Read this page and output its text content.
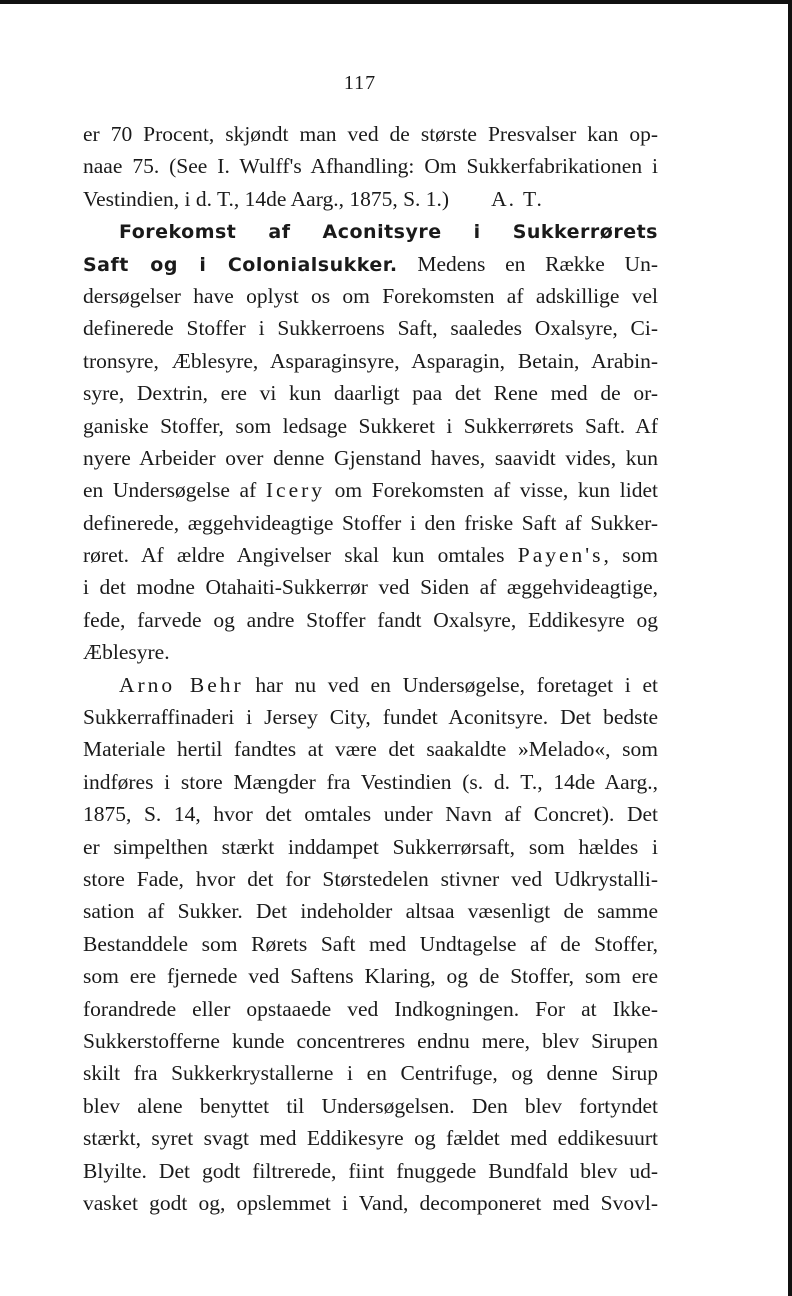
117
er 70 Procent, skjøndt man ved de største Presvalser kan op-
naae 75. (See I. Wulff's Afhandling: Om Sukkerfabrikationen i
Vestindien, i d. T., 14de Aarg., 1875, S. 1.) A. T.
Forekomst af Aconitsyre i Sukkerrørets
Saft og i Colonialsukker. Medens en Række Un-
dersøgelser have oplyst os om Forekomsten af adskillige vel
definerede Stoffer i Sukkerroens Saft, saaledes Oxalsyre, Ci-
tronsyre, Æblesyre, Asparaginsyre, Asparagin, Betain, Arabin-
syre, Dextrin, ere vi kun daarligt paa det Rene med de or-
ganiske Stoffer, som ledsage Sukkeret i Sukkerrørets Saft. Af
nyere Arbeider over denne Gjenstand haves, saavidt vides, kun
en Undersøgelse af Icery om Forekomsten af visse, kun lidet
definerede, æggehvideagtige Stoffer i den friske Saft af Sukker-
røret. Af ældre Angivelser skal kun omtales Payen's, som
i det modne Otahaiti-Sukkerrør ved Siden af æggehvideagtige,
fede, farvede og andre Stoffer fandt Oxalsyre, Eddikesyre og
Æblesyre.
Arno Behr har nu ved en Undersøgelse, foretaget i et
Sukkerraffinaderi i Jersey City, fundet Aconitsyre. Det bedste
Materiale hertil fandtes at være det saakaldte »Melado«, som
indføres i store Mængder fra Vestindien (s. d. T., 14de Aarg.,
1875, S. 14, hvor det omtales under Navn af Concret). Det
er simpelthen stærkt inddampet Sukkerrørsaft, som hældes i
store Fade, hvor det for Størstedelen stivner ved Udkrystalli-
sation af Sukker. Det indeholder altsaa væsenligt de samme
Bestanddele som Rørets Saft med Undtagelse af de Stoffer,
som ere fjernede ved Saftens Klaring, og de Stoffer, som ere
forandrede eller opstaaede ved Indkogningen. For at Ikke-
Sukkerstofferne kunde concentreres endnu mere, blev Sirupen
skilt fra Sukkerkrystallerne i en Centrifuge, og denne Sirup
blev alene benyttet til Undersøgelsen. Den blev fortyndet
stærkt, syret svagt med Eddikesyre og fældet med eddikesuurt
Blyilte. Det godt filtrerede, fiint fnuggede Bundfald blev ud-
vasket godt og, opslemmet i Vand, decomponeret med Svovl-
